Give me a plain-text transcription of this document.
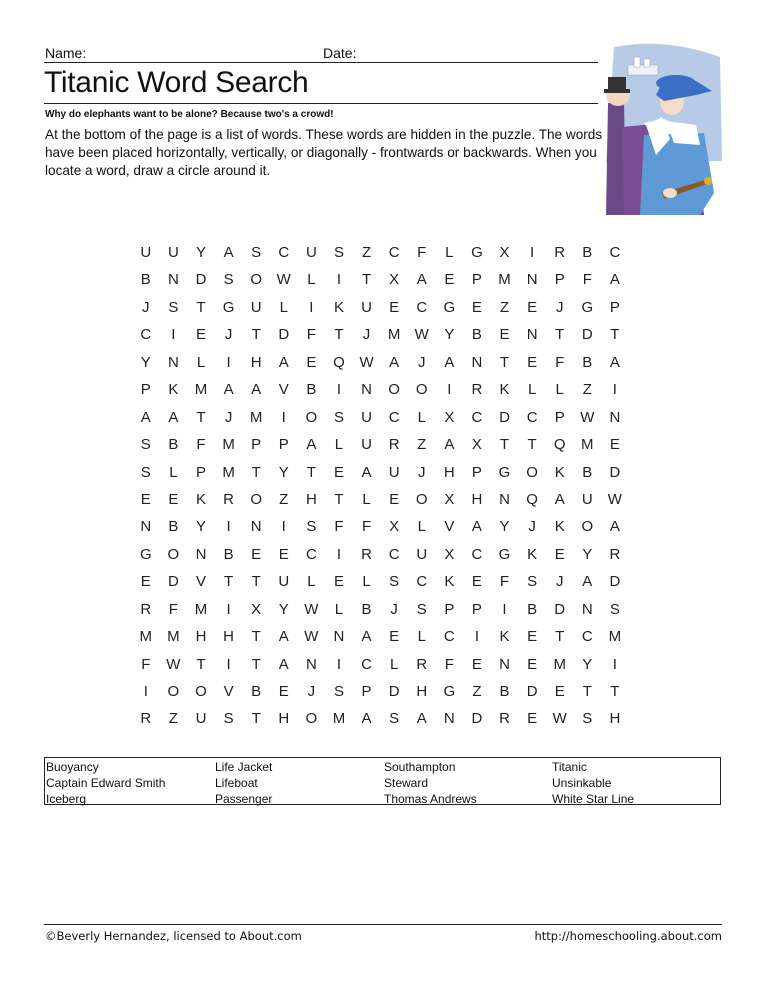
Name:	Date:
Titanic Word Search
Why do elephants want to be alone? Because two's a crowd!
At the bottom of the page is a list of words. These words are hidden in the puzzle. The words have been placed horizontally, vertically, or diagonally - frontwards or backwards. When you locate a word, draw a circle around it.
U U Y A S C U S Z C F L G X I R B C
B N D S O W L I T X A E P M N P F A
J S T G U L I K U E C G E Z E J G P
C I E J T D F T J M W Y B E N T D T
Y N L I H A E Q W A J A N T E F B A
P K M A A V B I N O O I R K L L Z I
A A T J M I O S U C L X C D C P W N
S B F M P P A L U R Z A X T T Q M E
S L P M T Y T E A U J H P G O K B D
E E K R O Z H T L E O X H N Q A U W
N B Y I N I S F F X L V A Y J K O A
G O N B E E C I R C U X C G K E Y R
E D V T T U L E L S C K E F S J A D
R F M I X Y W L B J S P P I B D N S
M M H H T A W N A E L C I K E T C M
F W T I T A N I C L R F E N E M Y I
I O O V B E J S P D H G Z B D E T T
R Z U S T H O M A S A N D R E W S H
Buoyancy
Captain Edward Smith
Iceberg
Life Jacket
Lifeboat
Passenger
Southampton
Steward
Thomas Andrews
Titanic
Unsinkable
White Star Line
©Beverly Hernandez, licensed to About.com	http://homeschooling.about.com
